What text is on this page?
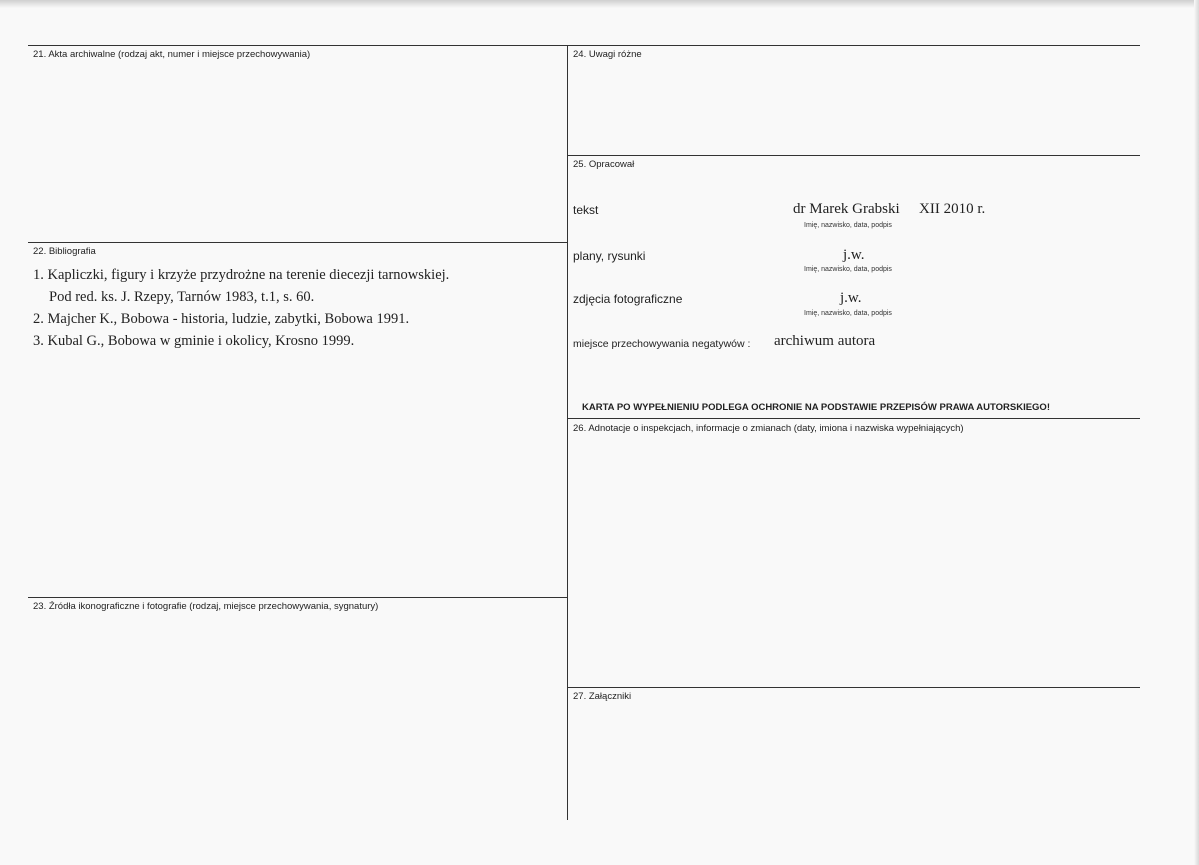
21. Akta archiwalne (rodzaj akt, numer i miejsce przechowywania)
22. Bibliografia
1. Kapliczki, figury i krzyże przydrożne na terenie diecezji tarnowskiej.
Pod red. ks. J. Rzepy, Tarnów 1983, t.1, s. 60.
2. Majcher K., Bobowa - historia, ludzie, zabytki, Bobowa 1991.
3. Kubal G., Bobowa w gminie i okolicy, Krosno 1999.
23. Źródła ikonograficzne i fotografie (rodzaj, miejsce przechowywania, sygnatury)
24. Uwagi różne
25. Opracował
tekst	dr Marek Grabski XII 2010 r.
Imię, nazwisko, data, podpis
plany, rysunki	j.w.
Imię, nazwisko, data, podpis
zdjęcia fotograficzne	j.w.
Imię, nazwisko, data, podpis
miejsce przechowywania negatywów : archiwum autora
KARTA PO WYPEŁNIENIU PODLEGA OCHRONIE NA PODSTAWIE PRZEPISÓW PRAWA AUTORSKIEGO!
26. Adnotacje o inspekcjach, informacje o zmianach (daty, imiona i nazwiska wypełniających)
27. Załączniki
